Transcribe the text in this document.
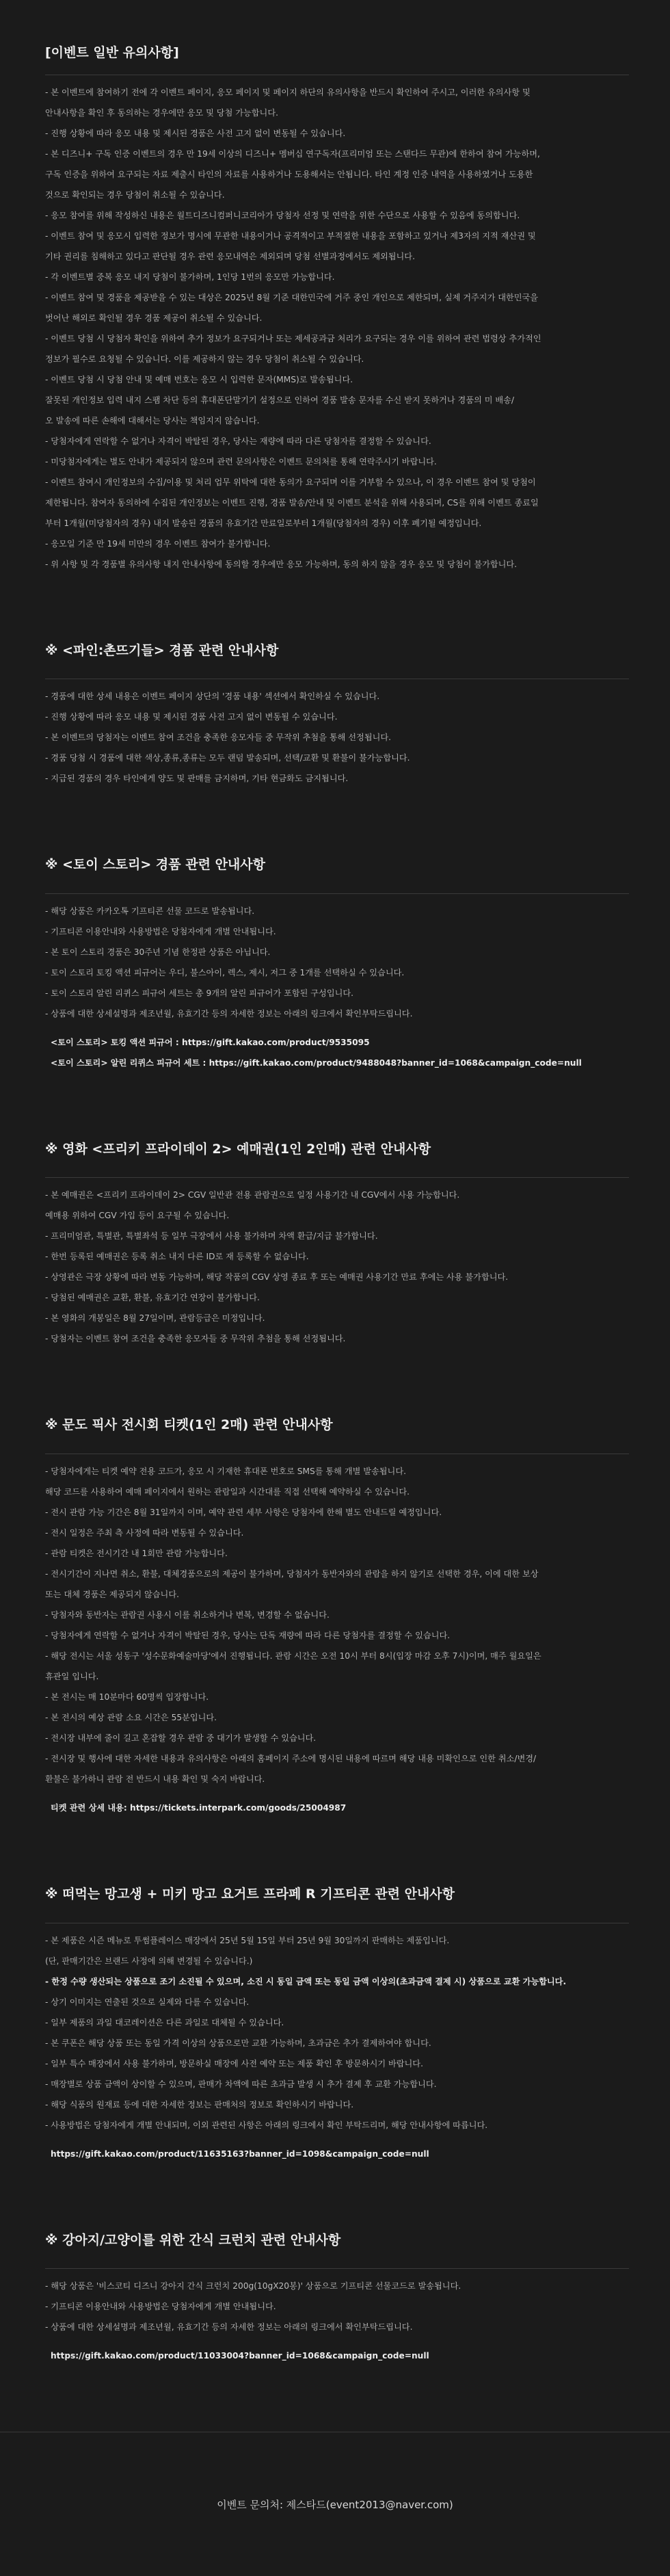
[이벤트 일반 유의사항]
- 본 이벤트에 참여하기 전에 각 이벤트 페이지, 응모 페이지 및 페이지 하단의 유의사항을 반드시 확인하여 주시고, 이러한 유의사항 및
안내사항을 확인 후 동의하는 경우에만 응모 및 당첨 가능합니다.
- 진행 상황에 따라 응모 내용 및 제시된 경품은 사전 고지 없이 변동될 수 있습니다.
- 본 디즈니+ 구독 인증 이벤트의 경우 만 19세 이상의 디즈니+ 멤버십 연구독자(프리미엄 또는 스탠다드 무관)에 한하여 참여 가능하며,
구독 인증을 위하여 요구되는 자료 제출시 타인의 자료를 사용하거나 도용해서는 안됩니다. 타인 계정 인증 내역을 사용하였거나 도용한
것으로 확인되는 경우 당첨이 취소될 수 있습니다.
- 응모 참여를 위해 작성하신 내용은 월트디즈니컴퍼니코리아가 당첨자 선정 및 연락을 위한 수단으로 사용할 수 있음에 동의합니다.
- 이벤트 참여 및 응모시 입력한 정보가 명시에 무관한 내용이거나 공격적이고 부적절한 내용을 포함하고 있거나 제3자의 지적 재산권 및
기타 권리를 침해하고 있다고 판단될 경우 관련 응모내역은 제외되며 당첨 선별과정에서도 제외됩니다.
- 각 이벤트별 중복 응모 내지 당첨이 불가하며, 1인당 1번의 응모만 가능합니다.
- 이벤트 참여 및 경품을 제공받을 수 있는 대상은 2025년 8월 기준 대한민국에 거주 중인 개인으로 제한되며, 실제 거주지가 대한민국을
벗어난 해외로 확인될 경우 경품 제공이 취소될 수 있습니다.
- 이벤트 당첨 시 당첨자 확인을 위하여 추가 정보가 요구되거나 또는 제세공과금 처리가 요구되는 경우 이를 위하여 관련 법령상 추가적인
정보가 필수로 요청될 수 있습니다. 이를 제공하지 않는 경우 당첨이 취소될 수 있습니다.
- 이벤트 당첨 시 당첨 안내 및 예매 번호는 응모 시 입력한 문자(MMS)로 발송됩니다.
잘못된 개인정보 입력 내지 스팸 차단 등의 휴대폰단말기기 설정으로 인하여 경품 발송 문자를 수신 받지 못하거나 경품의 미 배송/
오 발송에 따른 손해에 대해서는 당사는 책임지지 않습니다.
- 당첨자에게 연락할 수 없거나 자격이 박탈된 경우, 당사는 재량에 따라 다른 당첨자를 결정할 수 있습니다.
- 미당첨자에게는 별도 안내가 제공되지 않으며 관련 문의사항은 이벤트 문의처를 통해 연락주시기 바랍니다.
- 이벤트 참여시 개인정보의 수집/이용 및 처리 업무 위탁에 대한 동의가 요구되며 이를 거부할 수 있으나, 이 경우 이벤트 참여 및 당첨이
제한됩니다. 참여자 동의하에 수집된 개인정보는 이벤트 진행, 경품 발송/안내 및 이벤트 분석을 위해 사용되며, CS를 위해 이벤트 종료일
부터 1개월(미당첨자의 경우) 내지 발송된 경품의 유효기간 만료일로부터 1개월(당첨자의 경우) 이후 폐기될 예정입니다.
- 응모일 기준 만 19세 미만의 경우 이벤트 참여가 불가합니다.
- 위 사항 및 각 경품별 유의사항 내지 안내사항에 동의할 경우에만 응모 가능하며, 동의 하지 않을 경우 응모 및 당첨이 불가합니다.
※ <파인:촌뜨기들> 경품 관련 안내사항
- 경품에 대한 상세 내용은 이벤트 페이지 상단의 '경품 내용' 섹션에서 확인하실 수 있습니다.
- 진행 상황에 따라 응모 내용 및 제시된 경품 사전 고지 없이 변동될 수 있습니다.
- 본 이벤트의 당첨자는 이벤트 참여 조건을 충족한 응모자들 중 무작위 추첨을 통해 선정됩니다.
- 경품 당첨 시 경품에 대한 색상,종류,종류는 모두 랜덤 발송되며, 선택/교환 및 환불이 불가능합니다.
- 지급된 경품의 경우 타인에게 양도 및 판매를 금지하며, 기타 현금화도 금지됩니다.
※ <토이 스토리> 경품 관련 안내사항
- 해당 상품은 카카오톡 기프티콘 선물 코드로 발송됩니다.
- 기프티콘 이용안내와 사용방법은 당첨자에게 개별 안내됩니다.
- 본 토이 스토리 경품은 30주년 기념 한정판 상품은 아닙니다.
- 토이 스토리 토킹 액션 피규어는 우디, 불스아이, 렉스, 제시, 저그 중 1개를 선택하실 수 있습니다.
- 토이 스토리 알린 리퀴스 피규어 세트는 총 9개의 알린 피규어가 포함된 구성입니다.
- 상품에 대한 상세설명과 제조년월, 유효기간 등의 자세한 정보는 아래의 링크에서 확인부탁드립니다.
<토이 스토리> 토킹 액션 피규어 : https://gift.kakao.com/product/9535095
<토이 스토리> 알린 리퀴스 피규어 세트 : https://gift.kakao.com/product/9488048?banner_id=1068&campaign_code=null
※ 영화 <프리키 프라이데이 2> 예매권(1인 2인매) 관련 안내사항
- 본 예매권은 <프리키 프라이데이 2> CGV 일반관 전용 관람권으로 일정 사용기간 내 CGV에서 사용 가능합니다.
예매용 위하여 CGV 가입 등이 요구될 수 있습니다.
- 프리미엄관, 특별관, 특별좌석 등 일부 극장에서 사용 불가하며 차액 환급/지급 불가합니다.
- 한번 등록된 예매권은 등록 취소 내지 다른 ID로 재 등록할 수 없습니다.
- 상영관은 극장 상황에 따라 변동 가능하며, 해당 작품의 CGV 상영 종료 후 또는 예매권 사용기간 만료 후에는 사용 불가합니다.
- 당첨된 예매권은 교환, 환불, 유효기간 연장이 불가합니다.
- 본 영화의 개봉일은 8월 27일이며, 관람등급은 미정입니다.
- 당첨자는 이벤트 참여 조건을 충족한 응모자들 중 무작위 추첨을 통해 선정됩니다.
※ 문도 픽사 전시회 티켓(1인 2매) 관련 안내사항
- 당첨자에게는 티켓 예약 전용 코드가, 응모 시 기재한 휴대폰 번호로 SMS를 통해 개별 발송됩니다.
해당 코드를 사용하여 예매 페이지에서 원하는 관람일과 시간대를 직접 선택해 예약하실 수 있습니다.
- 전시 관람 가능 기간은 8월 31일까지 이며, 예약 관련 세부 사항은 당첨자에 한해 별도 안내드릴 예정입니다.
- 전시 일정은 주최 측 사정에 따라 변동될 수 있습니다.
- 관람 티켓은 전시기간 내 1회만 관람 가능합니다.
- 전시기간이 지나면 취소, 환불, 대체경품으로의 제공이 불가하며, 당첨자가 동반자와의 관람을 하지 않기로 선택한 경우, 이에 대한 보상
또는 대체 경품은 제공되지 않습니다.
- 당첨자와 동반자는 관람권 사용시 이를 취소하거나 변복, 변경할 수 없습니다.
- 당첨자에게 연락할 수 없거나 자격이 박탈된 경우, 당사는 단독 재량에 따라 다른 당첨자를 결정할 수 있습니다.
- 해당 전시는 서울 성동구 '성수문화예술마당'에서 진행됩니다. 관람 시간은 오전 10시 부터 8시(입장 마감 오후 7시)이며, 매주 월요일은
휴관일 입니다.
- 본 전시는 매 10분마다 60명씩 입장합니다.
- 본 전시의 예상 관람 소요 시간은 55분입니다.
- 전시장 내부에 줄이 길고 혼잡할 경우 관람 중 대기가 발생할 수 있습니다.
- 전시장 및 행사에 대한 자세한 내용과 유의사항은 아래의 홈페이지 주소에 명시된 내용에 따르며 해당 내용 미확인으로 인한 취소/변경/
환불은 불가하니 관람 전 반드시 내용 확인 및 숙지 바랍니다.
티켓 관련 상세 내용: https://tickets.interpark.com/goods/25004987
※ 떠먹는 망고생 + 미키 망고 요거트 프라페 R 기프티콘 관련 안내사항
- 본 제품은 시즌 메뉴로 투썸플레이스 매장에서 25년 5월 15일 부터 25년 9월 30일까지 판매하는 제품입니다.
(단, 판매기간은 브랜드 사정에 의해 변경될 수 있습니다.)
- 한정 수량 생산되는 상품으로 조기 소진될 수 있으며, 소진 시 동일 금액 또는 동일 금액 이상의(초과금액 결제 시) 상품으로 교환 가능합니다.
- 상기 이미지는 연출된 것으로 실제와 다를 수 있습니다.
- 일부 제품의 과일 대코레이션은 다른 과일로 대체될 수 있습니다.
- 본 쿠폰은 해당 상품 또는 동일 가격 이상의 상품으로만 교환 가능하며, 초과금은 추가 결제하여야 합니다.
- 일부 특수 매장에서 사용 불가하며, 방문하실 매장에 사전 예약 또는 제품 확인 후 방문하시기 바랍니다.
- 매장별로 상품 금액이 상이할 수 있으며, 판매가 차액에 따른 초과금 발생 시 추가 결제 후 교환 가능합니다.
- 해당 식품의 원재료 등에 대한 자세한 정보는 판매처의 정보로 확인하시기 바랍니다.
- 사용방법은 당첨자에게 개별 안내되며, 이외 관련된 사항은 아래의 링크에서 확인 부탁드리며, 해당 안내사항에 따릅니다.
https://gift.kakao.com/product/11635163?banner_id=1098&campaign_code=null
※ 강아지/고양이를 위한 간식 크런치 관련 안내사항
- 해당 상품은 '비스코티 디즈니 강아지 간식 크런치 200g(10gX20봉)' 상품으로 기프티콘 선물코드로 발송됩니다.
- 기프티콘 이용안내와 사용방법은 당첨자에게 개별 안내됩니다.
- 상품에 대한 상세설명과 제조년월, 유효기간 등의 자세한 정보는 아래의 링크에서 확인부탁드립니다.
https://gift.kakao.com/product/11033004?banner_id=1068&campaign_code=null
이벤트 문의처: 제스타드(event2013@naver.com)
